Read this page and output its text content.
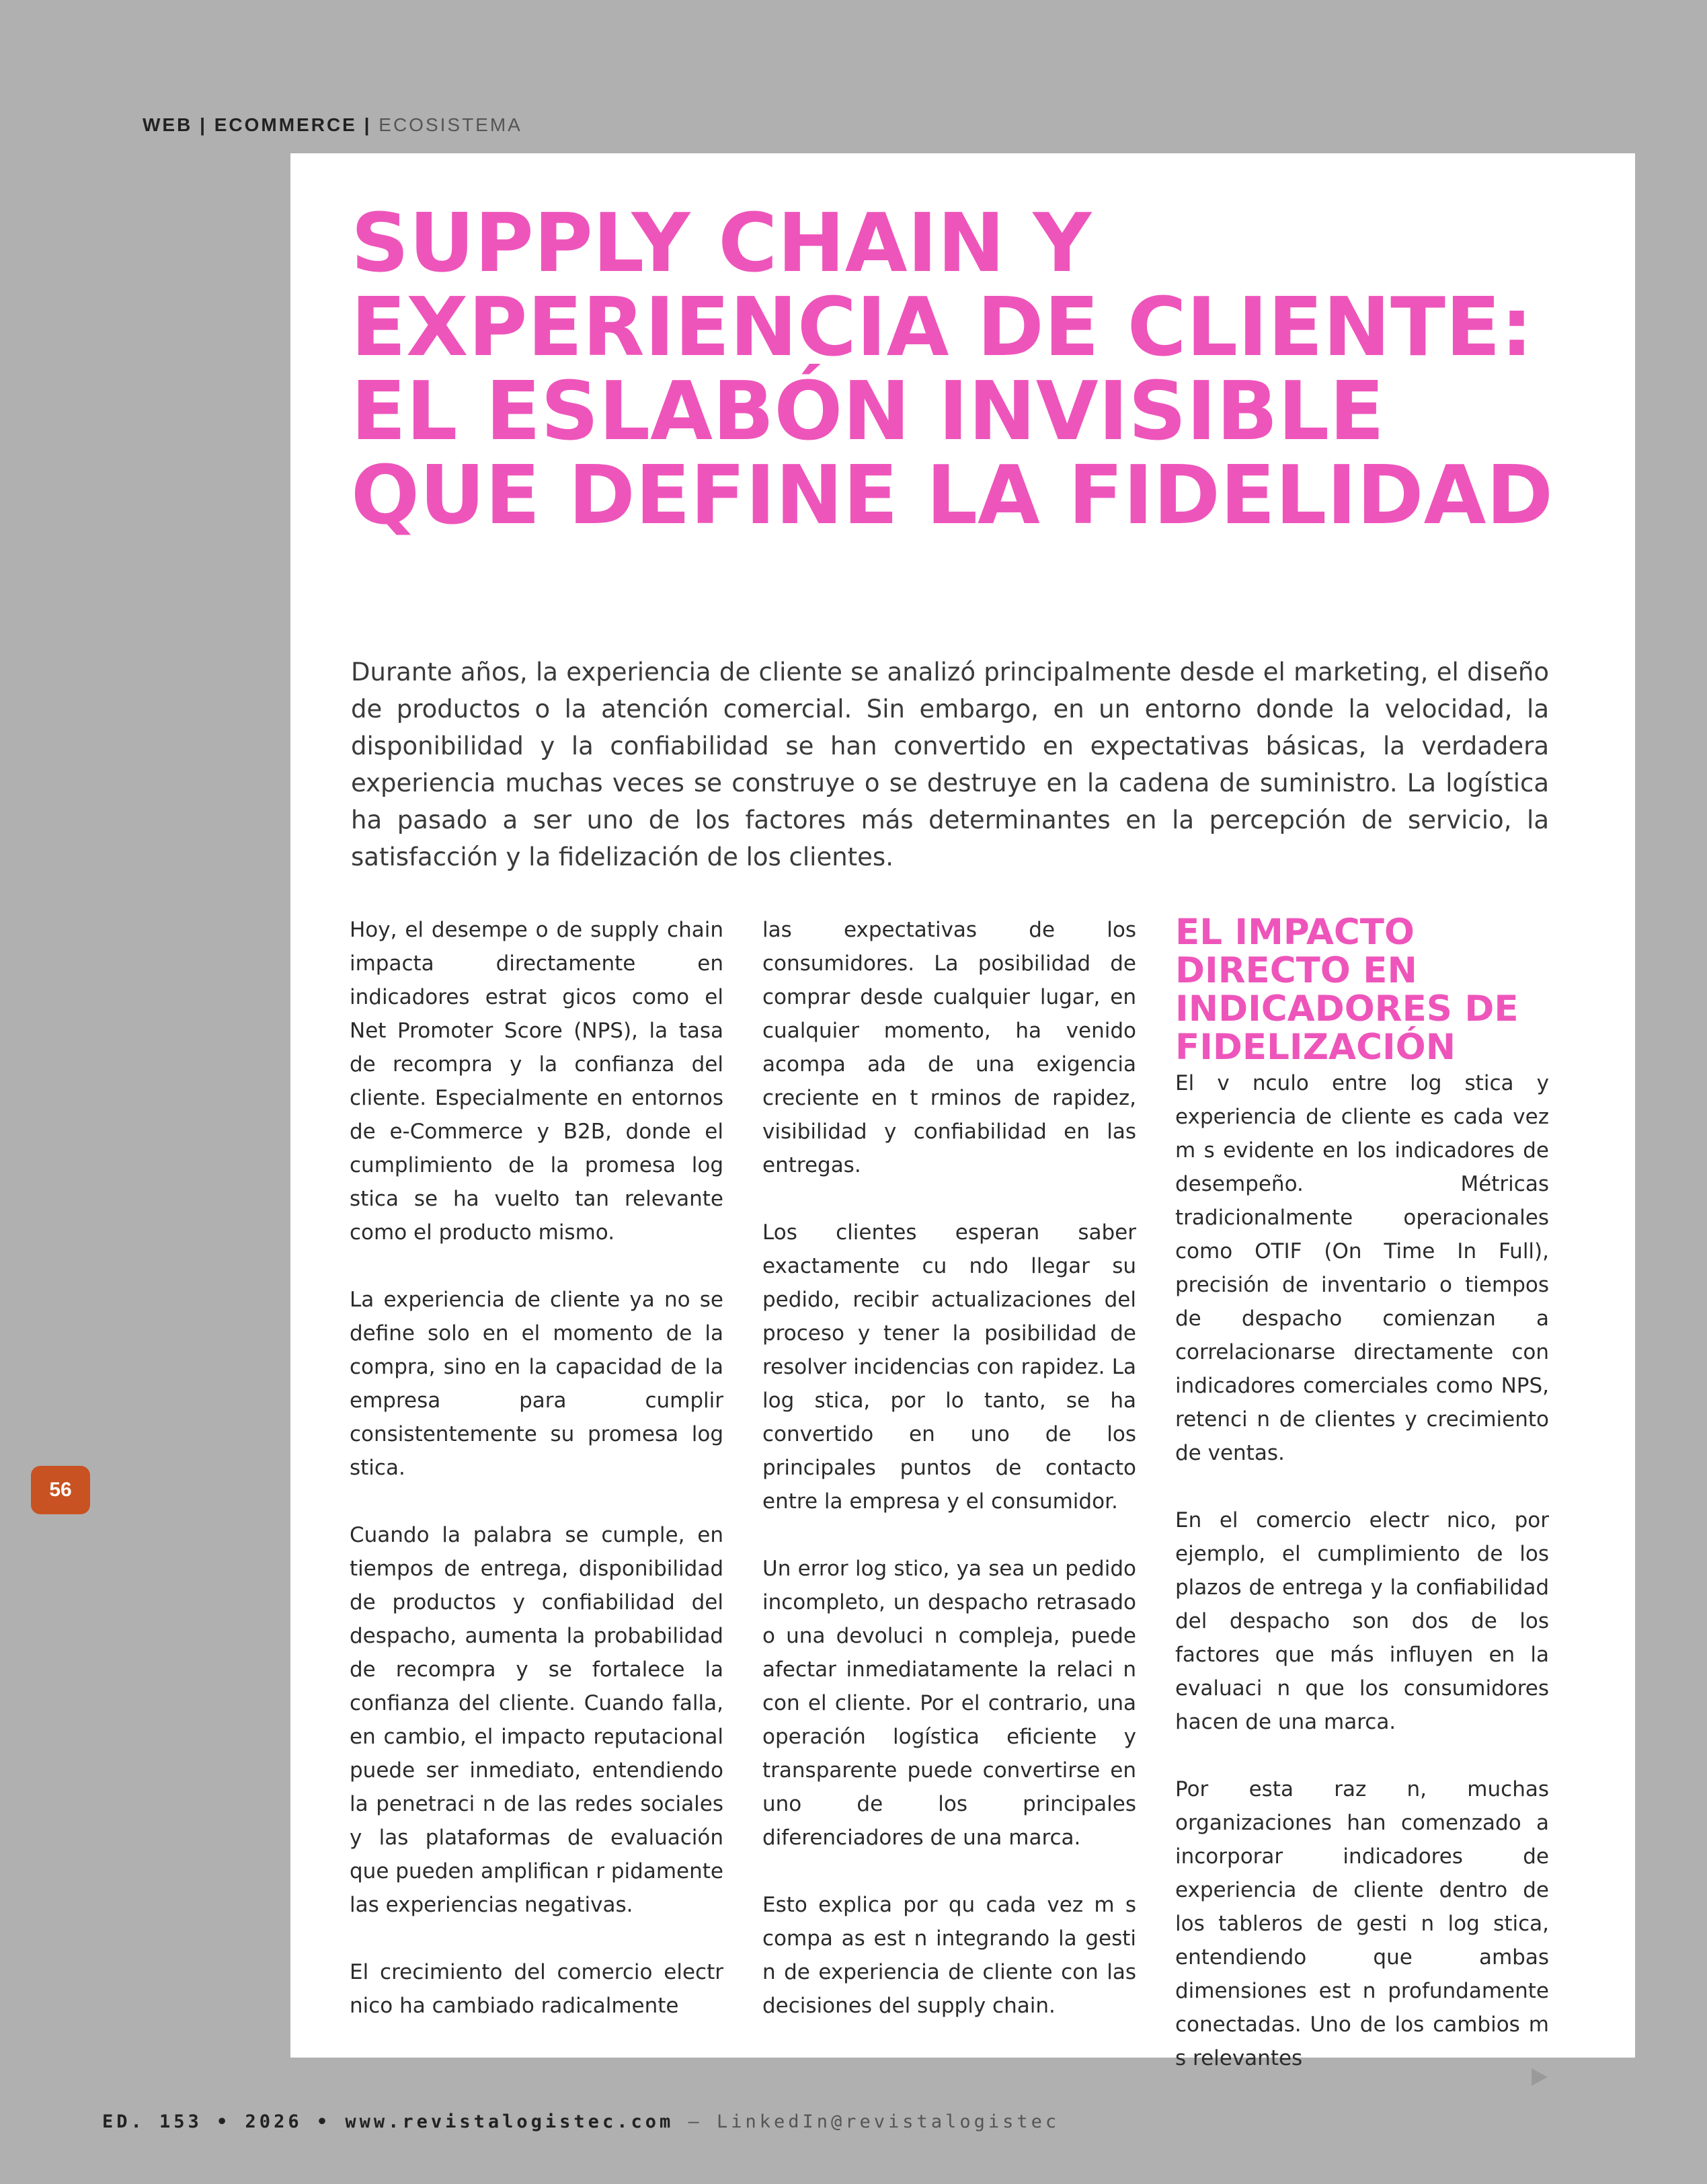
WEB | ECOMMERCE | ECOSISTEMA
SUPPLY CHAIN Y EXPERIENCIA DE CLIENTE: EL ESLABÓN INVISIBLE QUE DEFINE LA FIDELIDAD

Durante años, la experiencia de cliente se analizó principalmente desde el marketing, el diseño de productos o la atención comercial. Sin embargo, en un entorno donde la velocidad, la disponibilidad y la confiabilidad se han convertido en expectativas básicas, la verdadera experiencia muchas veces se construye o se destruye en la cadena de suministro. La logística ha pasado a ser uno de los factores más determinantes en la percepción de servicio, la satisfacción y la fidelización de los clientes.

Hoy, el desempe o de supply chain impacta directamente en indicadores estrat gicos como el Net Promoter Score (NPS), la tasa de recompra y la confianza del cliente. Especialmente en entornos de e-Commerce y B2B, donde el cumplimiento de la promesa log stica se ha vuelto tan relevante como el producto mismo.

La experiencia de cliente ya no se define solo en el momento de la compra, sino en la capacidad de la empresa para cumplir consistentemente su promesa log stica.

Cuando la palabra se cumple, en tiempos de entrega, disponibilidad de productos y confiabilidad del despacho, aumenta la probabilidad de recompra y se fortalece la confianza del cliente. Cuando falla, en cambio, el impacto reputacional puede ser inmediato, entendiendo la penetraci n de las redes sociales y las plataformas de evaluación que pueden amplifican r pidamente las experiencias negativas.

El crecimiento del comercio electr nico ha cambiado radicalmente

las expectativas de los consumidores. La posibilidad de comprar desde cualquier lugar, en cualquier momento, ha venido acompa ada de una exigencia creciente en t rminos de rapidez, visibilidad y confiabilidad en las entregas.

Los clientes esperan saber exactamente cu ndo llegar su pedido, recibir actualizaciones del proceso y tener la posibilidad de resolver incidencias con rapidez. La log stica, por lo tanto, se ha convertido en uno de los principales puntos de contacto entre la empresa y el consumidor.

Un error log stico, ya sea un pedido incompleto, un despacho retrasado o una devoluci n compleja, puede afectar inmediatamente la relaci n con el cliente. Por el contrario, una operación logística eficiente y transparente puede convertirse en uno de los principales diferenciadores de una marca.

Esto explica por qu cada vez m s compa as est n integrando la gesti n de experiencia de cliente con las decisiones del supply chain.

EL IMPACTO DIRECTO EN INDICADORES DE FIDELIZACIÓN

El v nculo entre log stica y experiencia de cliente es cada vez m s evidente en los indicadores de desempeño. Métricas tradicionalmente operacionales como OTIF (On Time In Full), precisión de inventario o tiempos de despacho comienzan a correlacionarse directamente con indicadores comerciales como NPS, retenci n de clientes y crecimiento de ventas.

En el comercio electr nico, por ejemplo, el cumplimiento de los plazos de entrega y la confiabilidad del despacho son dos de los factores que más influyen en la evaluaci n que los consumidores hacen de una marca.

Por esta raz n, muchas organizaciones han comenzado a incorporar indicadores de experiencia de cliente dentro de los tableros de gesti n log stica, entendiendo que ambas dimensiones est n profundamente conectadas. Uno de los cambios m s relevantes

56
ED. 153 • 2026 • www.revistalogistec.com – LinkedIn@revistalogistec
